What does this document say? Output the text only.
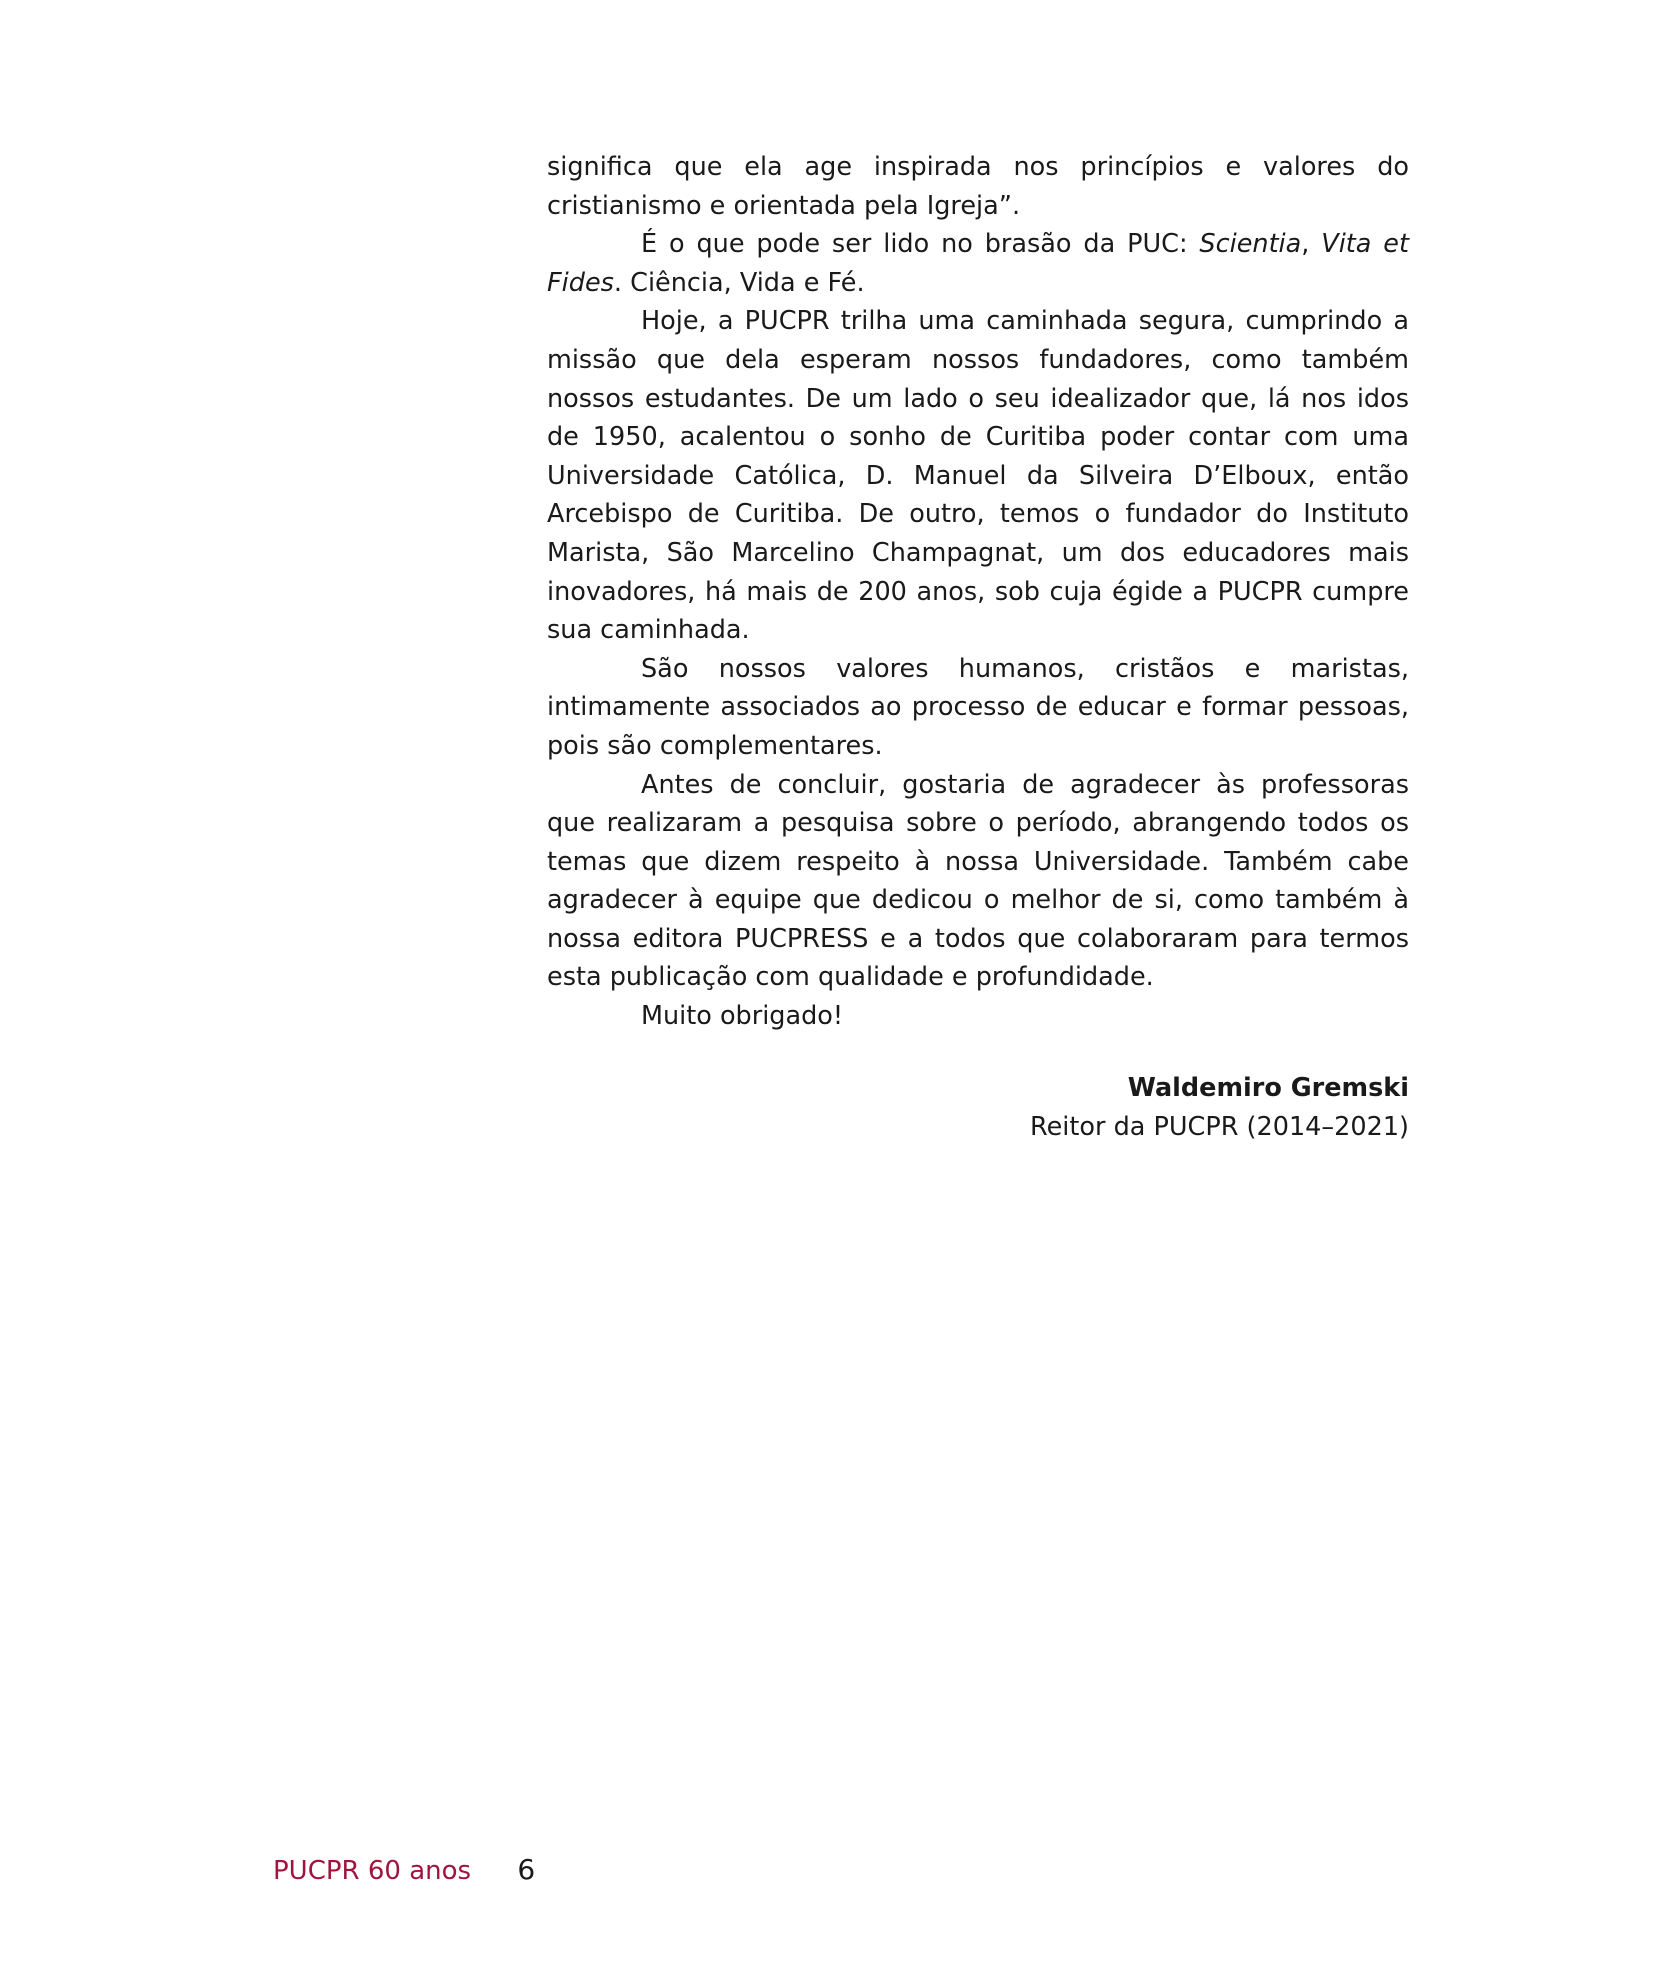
significa que ela age inspirada nos princípios e valores do cristianismo e orientada pela Igreja”.

É o que pode ser lido no brasão da PUC: Scientia, Vita et Fides. Ciência, Vida e Fé.

Hoje, a PUCPR trilha uma caminhada segura, cumprindo a missão que dela esperam nossos fundadores, como também nossos estudantes. De um lado o seu idealizador que, lá nos idos de 1950, acalentou o sonho de Curitiba poder contar com uma Universidade Católica, D. Manuel da Silveira D’Elboux, então Arcebispo de Curitiba. De outro, temos o fundador do Instituto Marista, São Marcelino Champagnat, um dos educadores mais inovadores, há mais de 200 anos, sob cuja égide a PUCPR cumpre sua caminhada.

São nossos valores humanos, cristãos e maristas, intimamente associados ao processo de educar e formar pessoas, pois são complementares.

Antes de concluir, gostaria de agradecer às professoras que realizaram a pesquisa sobre o período, abrangendo todos os temas que dizem respeito à nossa Universidade. Também cabe agradecer à equipe que dedicou o melhor de si, como também à nossa editora PUCPRESS e a todos que colaboraram para termos esta publicação com qualidade e profundidade.

Muito obrigado!

Waldemiro Gremski
Reitor da PUCPR (2014–2021)
PUCPR 60 anos 6
